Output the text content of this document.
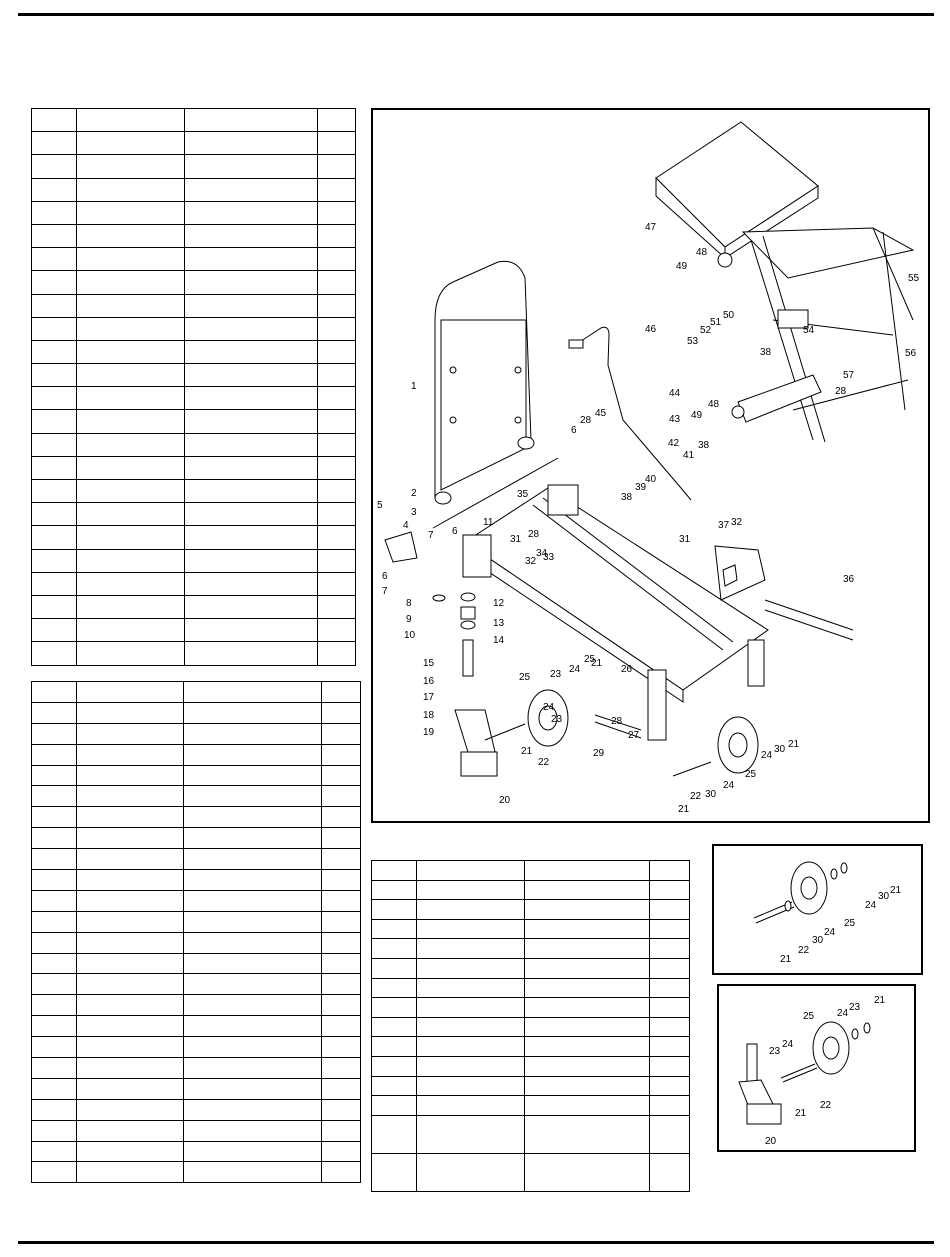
1
2
3
4
5
6
7
6
7
8
9
10
11
12
13
14
15
16
17
18
19
20
21
22
23
24
25
21
23 24
25
26
27
28
29
21
22 30
24
25
24
30 21
31
32 33
34
35
28	31
32
37
36
38
39
40
41
38
42
43
44
45
28
6
46
47
48
49
48
49
50
51
52
53
54
38
55
56
57
28
21
30
24
25
24
30
22
21
21
23
24
25
23
24
22
21
20
